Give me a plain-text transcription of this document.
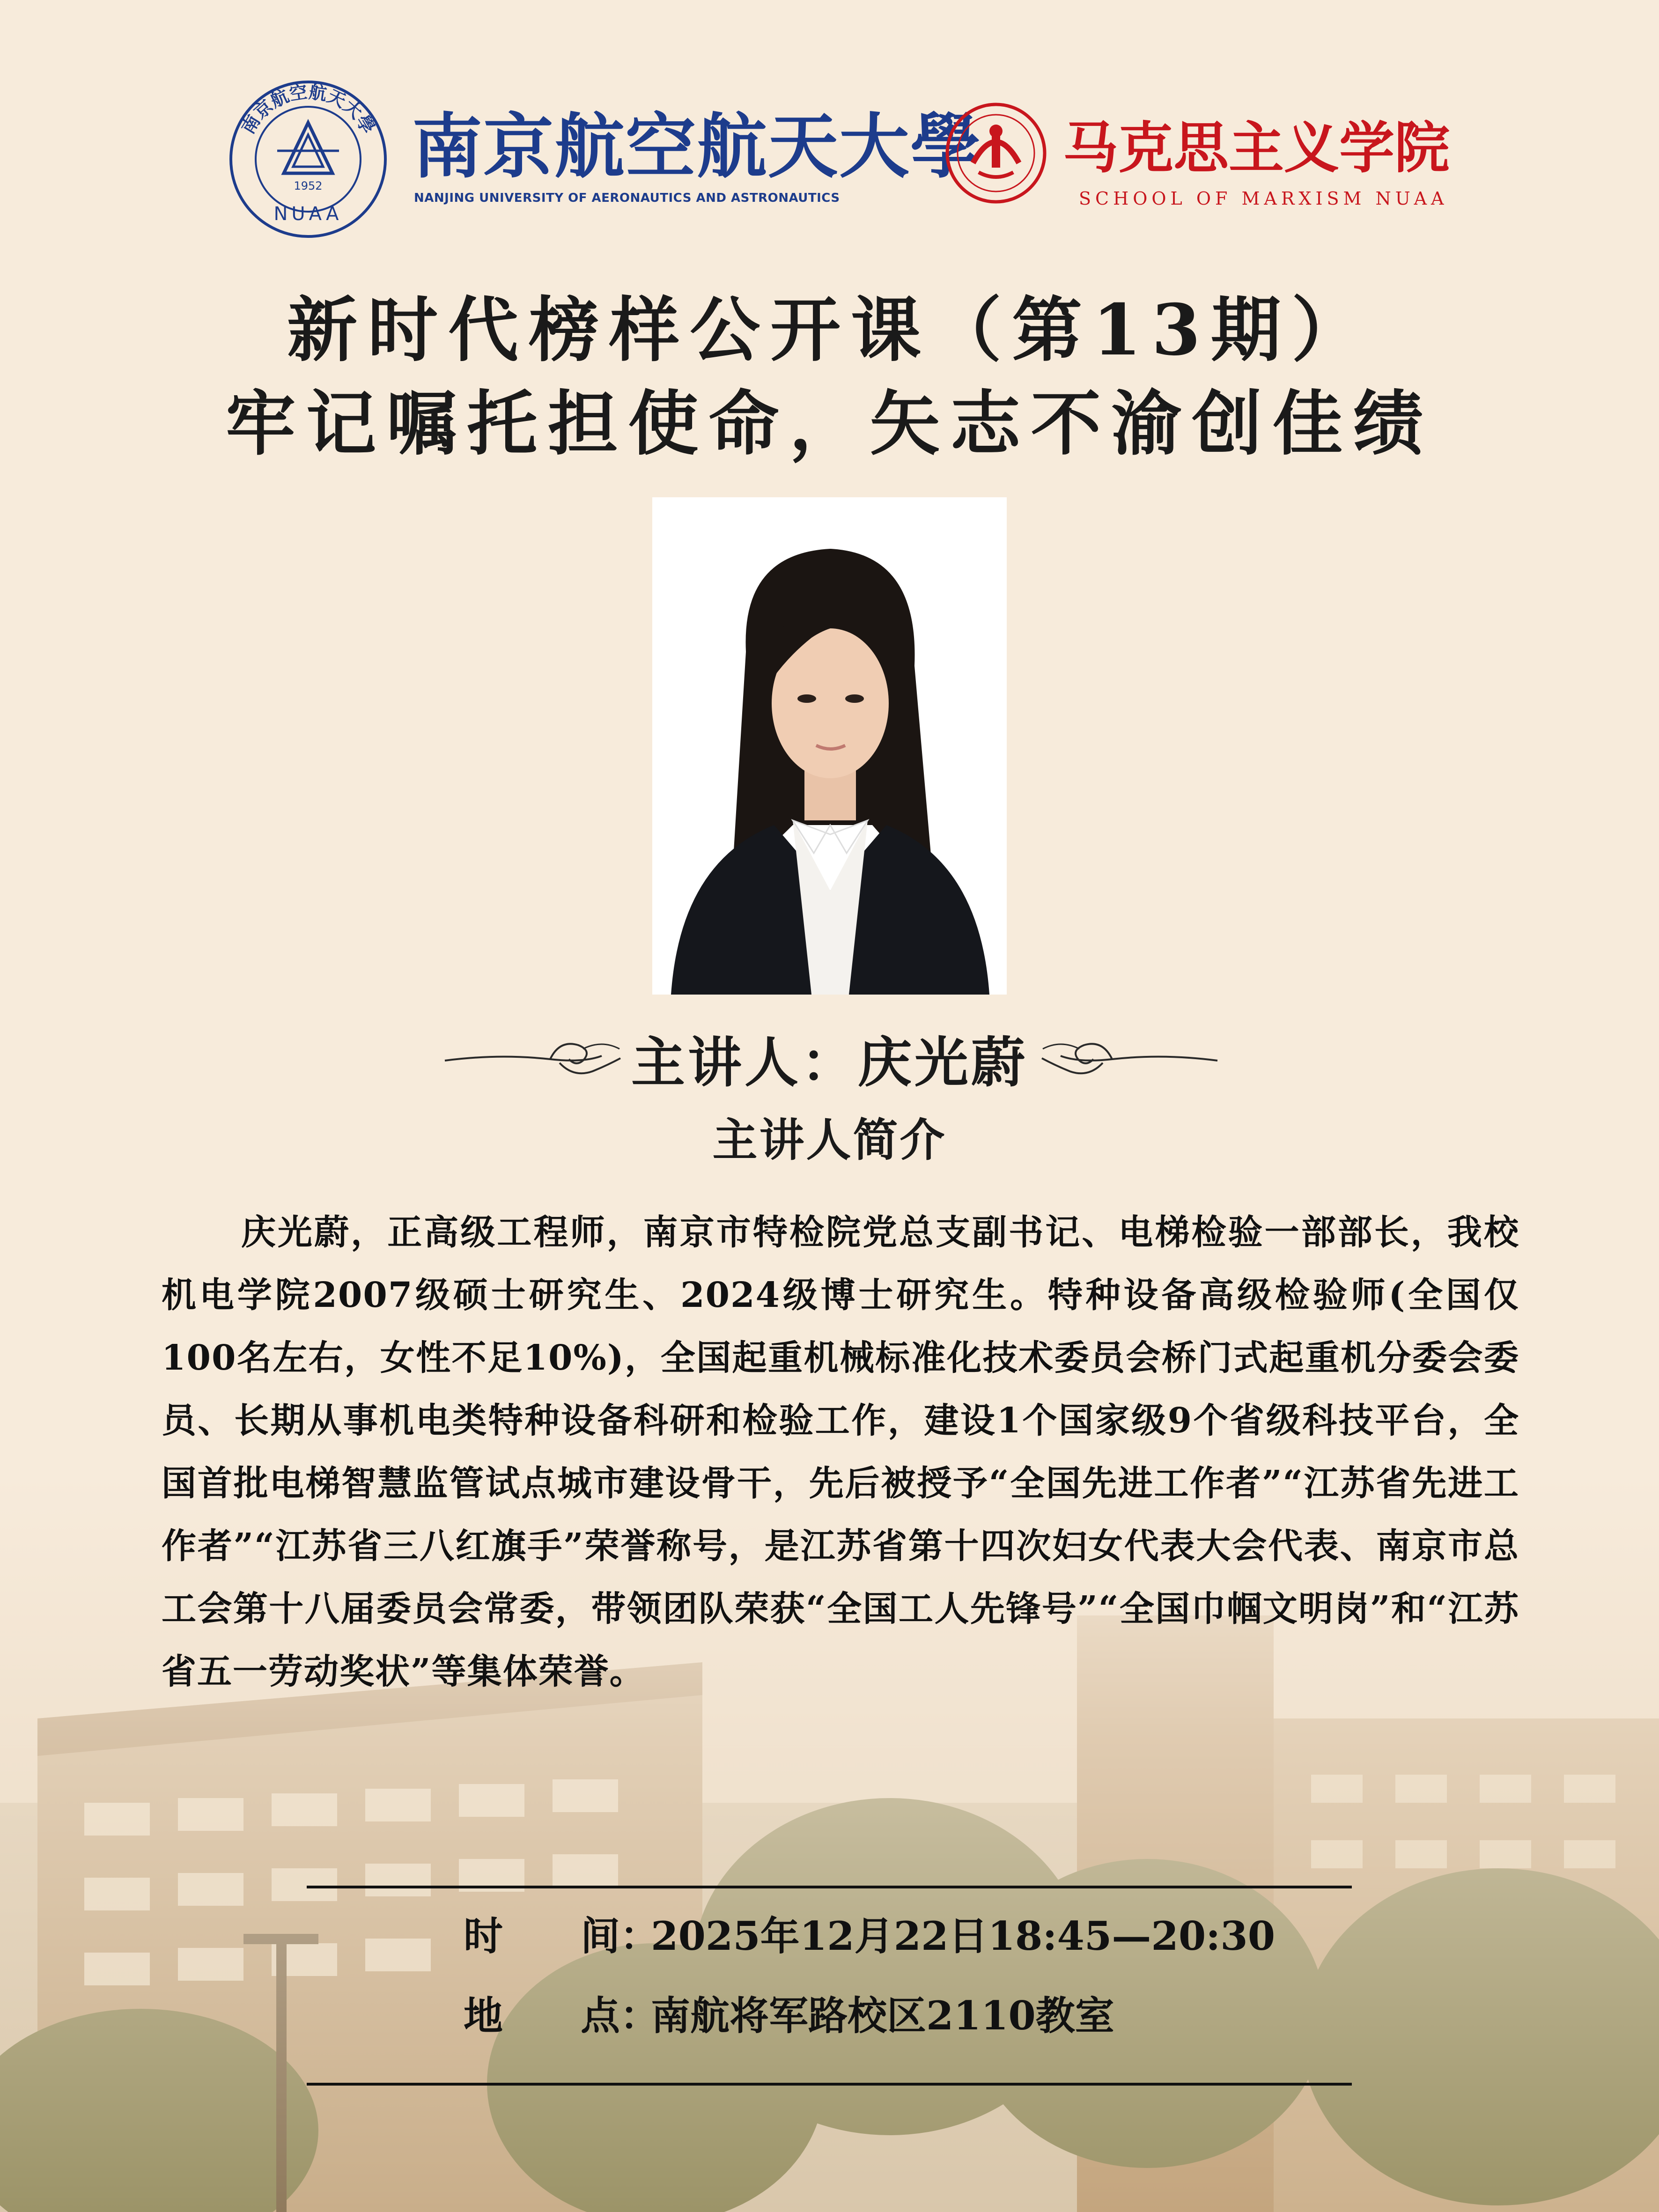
南京航空航天大學
1952
NUAA
南京航空航天大學
NANJING UNIVERSITY OF AERONAUTICS AND ASTRONAUTICS
马克思主义学院
SCHOOL OF MARXISM NUAA
新时代榜样公开课（第13期）
牢记嘱托担使命，矢志不渝创佳绩
主讲人：庆光蔚
主讲人简介
庆光蔚，正高级工程师，南京市特检院党总支副书记、电梯检验一部部长，我校机电学院2007级硕士研究生、2024级博士研究生。特种设备高级检验师(全国仅100名左右，女性不足10%)，全国起重机械标准化技术委员会桥门式起重机分委会委员、长期从事机电类特种设备科研和检验工作，建设1个国家级9个省级科技平台，全国首批电梯智慧监管试点城市建设骨干，先后被授予“全国先进工作者”“江苏省先进工作者”“江苏省三八红旗手”荣誉称号，是江苏省第十四次妇女代表大会代表、南京市总工会第十八届委员会常委，带领团队荣获“全国工人先锋号”“全国巾帼文明岗”和“江苏省五一劳动奖状”等集体荣誉。
时 间：2025年12月22日18:45—20:30
地 点：南航将军路校区2110教室
